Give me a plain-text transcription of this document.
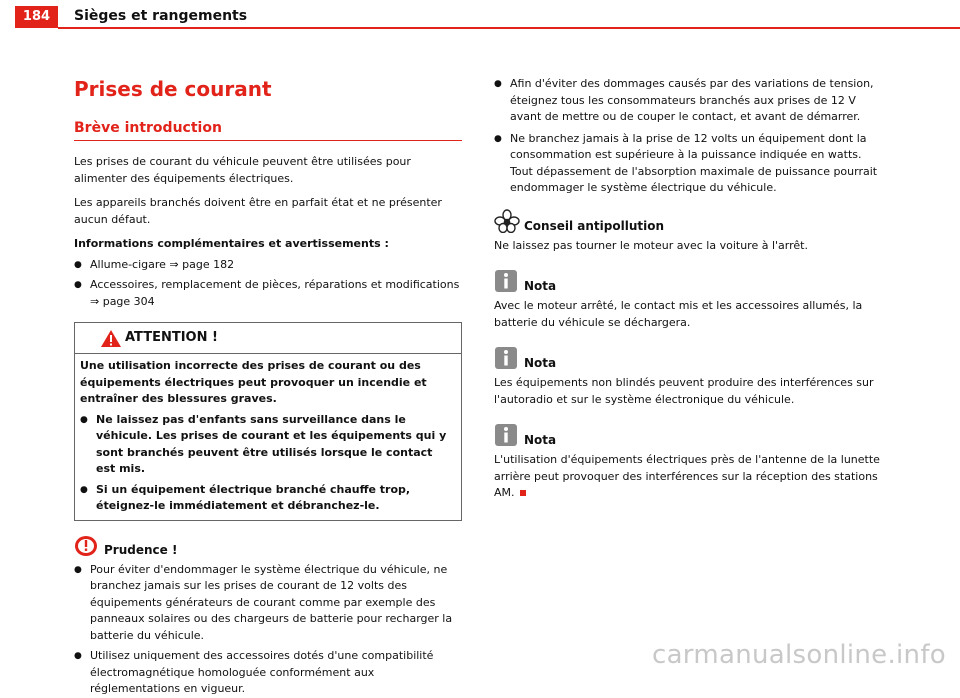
184	Sièges et rangements
Prises de courant
Brève introduction

Les prises de courant du véhicule peuvent être utilisées pour alimenter des équipements électriques.

Les appareils branchés doivent être en parfait état et ne présenter aucun défaut.

Informations complémentaires et avertissements :

● Allume-cigare ⇒ page 182

● Accessoires, remplacement de pièces, réparations et modifications ⇒ page 304

ATTENTION !

Une utilisation incorrecte des prises de courant ou des équipements électriques peut provoquer un incendie et entraîner des blessures graves.

● Ne laissez pas d'enfants sans surveillance dans le véhicule. Les prises de courant et les équipements qui y sont branchés peuvent être utilisés lorsque le contact est mis.

● Si un équipement électrique branché chauffe trop, éteignez-le immédiatement et débranchez-le.

Prudence !

● Pour éviter d'endommager le système électrique du véhicule, ne branchez jamais sur les prises de courant de 12 volts des équipements générateurs de courant comme par exemple des panneaux solaires ou des chargeurs de batterie pour recharger la batterie du véhicule.

● Utilisez uniquement des accessoires dotés d'une compatibilité électromagnétique homologuée conformément aux réglementations en vigueur.

● Afin d'éviter des dommages causés par des variations de tension, éteignez tous les consommateurs branchés aux prises de 12 V avant de mettre ou de couper le contact, et avant de démarrer.

● Ne branchez jamais à la prise de 12 volts un équipement dont la consommation est supérieure à la puissance indiquée en watts. Tout dépassement de l'absorption maximale de puissance pourrait endommager le système électrique du véhicule.

Conseil antipollution

Ne laissez pas tourner le moteur avec la voiture à l'arrêt.

Nota

Avec le moteur arrêté, le contact mis et les accessoires allumés, la batterie du véhicule se déchargera.

Nota

Les équipements non blindés peuvent produire des interférences sur l'autoradio et sur le système électronique du véhicule.

Nota

L'utilisation d'équipements électriques près de l'antenne de la lunette arrière peut provoquer des interférences sur la réception des stations AM.

carmanualsonline.info
